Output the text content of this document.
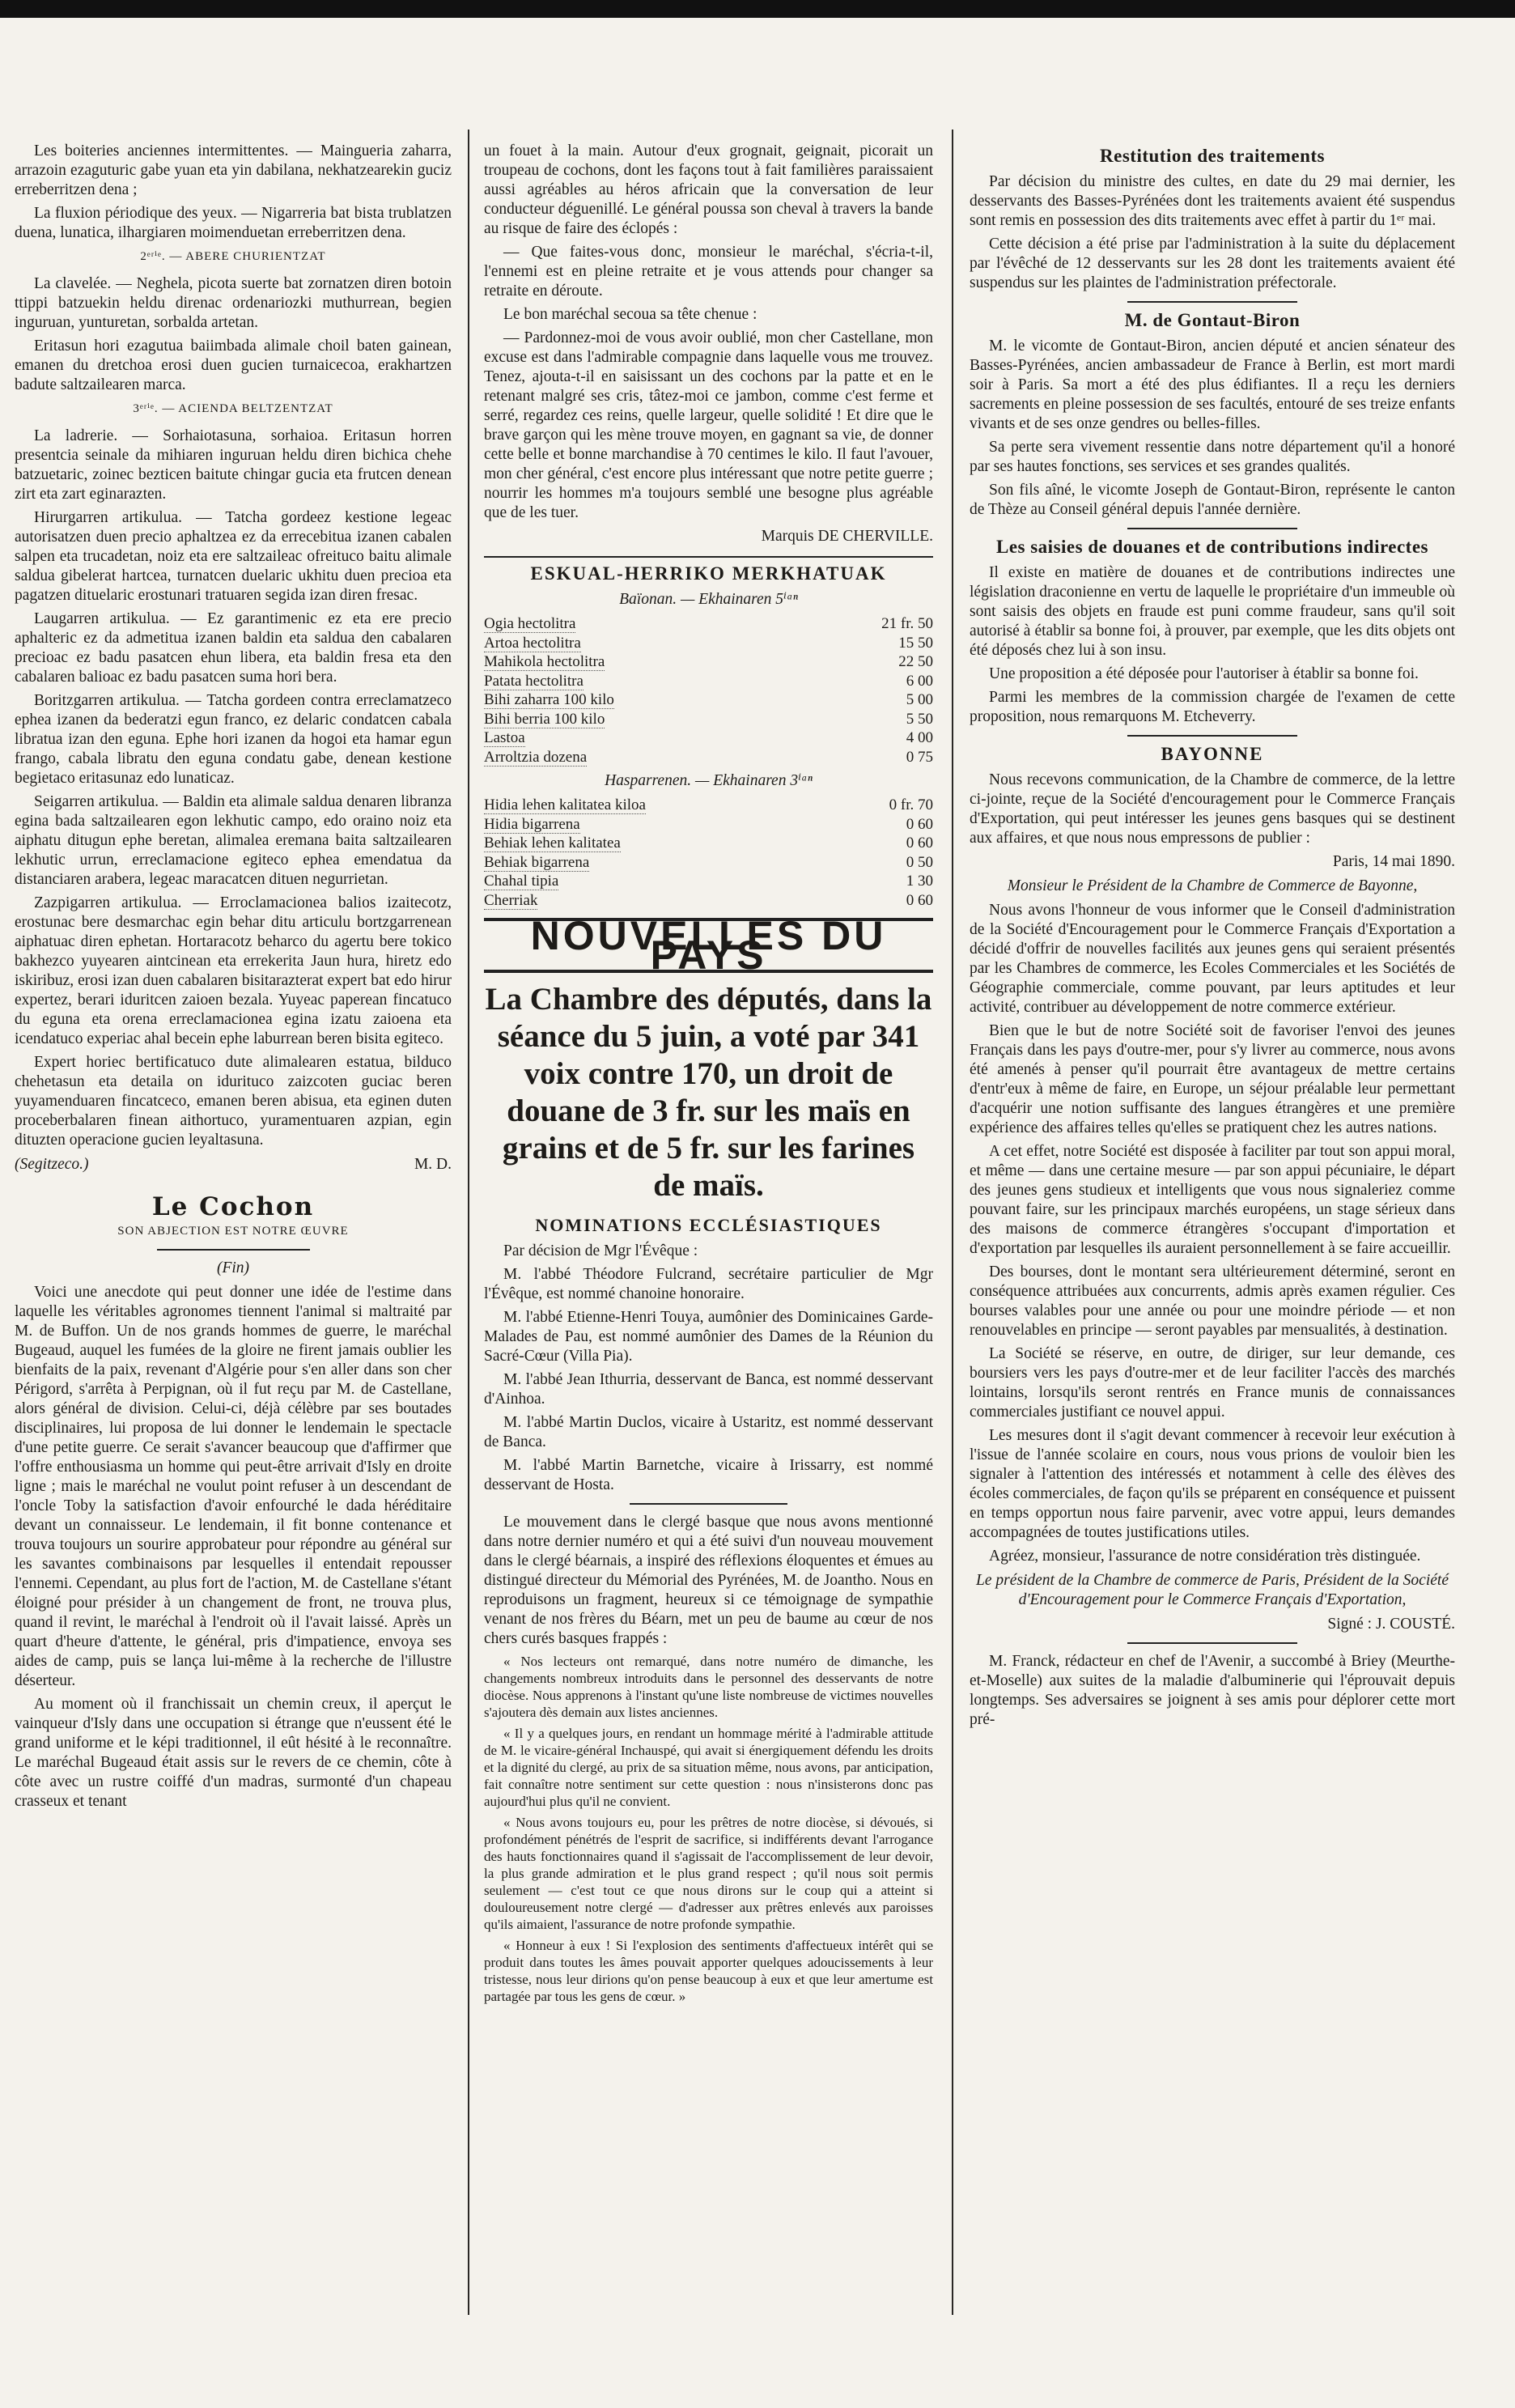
Les boiteries anciennes intermittentes. — Maingueria zaharra, arrazoin ezaguturic gabe yuan eta yin dabilana, nekhatzearekin guciz erreberritzen dena ;

La fluxion périodique des yeux. — Nigarreria bat bista trublatzen duena, lunatica, ilhargiaren moimenduetan erreberritzen dena.

2ᵉʳⁱᵉ. — ABERE CHURIENTZAT

La clavelée. — Neghela, picota suerte bat zornatzen diren botoin ttippi batzuekin heldu direnac ordenariozki muthurrean, begien inguruan, yunturetan, sorbalda artetan.

Eritasun hori ezagutua baiimbada alimale choil baten gainean, emanen du dretchoa erosi duen gucien turnaicecoa, erakhartzen badute saltzailearen marca.

3ᵉʳⁱᵉ. — ACIENDA BELTZENTZAT

La ladrerie. — Sorhaiotasuna, sorhaioa. Eritasun horren presentcia seinale da mihiaren inguruan heldu diren bichica chehe batzuetaric, zoinec bezticen baitute chingar gucia eta frutcen denean zirt eta zart eginarazten.

Hirurgarren artikulua. — Tatcha gordeez kestione legeac autorisatzen duen precio aphaltzea ez da errecebitua izanen cabalen salpen eta trucadetan, noiz eta ere saltzaileac ofreituco baitu alimale saldua gibelerat hartcea, turnatcen duelaric ukhitu duen precioa eta pagatzen dituelaric erostunari tratuaren segida izan diren fresac.

Laugarren artikulua. — Ez garantimenic ez eta ere precio aphalteric ez da admetitua izanen baldin eta saldua den cabalaren precioac ez badu pasatcen ehun libera, eta baldin fresa eta den cabalaren balioac ez badu pasatcen suma hori bera.

Boritzgarren artikulua. — Tatcha gordeen contra erreclamatzeco ephea izanen da bederatzi egun franco, ez delaric condatcen cabala libratua izan den eguna. Ephe hori izanen da hogoi eta hamar egun frango, cabala libratu den eguna condatu gabe, denean kestione begietaco eritasunaz edo lunaticaz.

Seigarren artikulua. — Baldin eta alimale saldua denaren libranza egina bada saltzailearen egon lekhutic campo, edo oraino noiz eta aiphatu ditugun ephe beretan, alimalea eremana baita saltzailearen lekhutic urrun, erreclamacione egiteco ephea emendatua da distanciaren arabera, legeac maracatcen dituen negurrietan.

Zazpigarren artikulua. — Erroclamacionea balios izaitecotz, erostunac bere desmarchac egin behar ditu articulu bortzgarrenean aiphatuac diren ephetan. Hortaracotz beharco du agertu bere tokico bakhezco yuyearen aintcinean eta errekerita Jaun hura, hiretz edo iskiribuz, erosi izan duen cabalaren bisitarazterat expert bat edo hirur expertez, berari iduritcen zaioen bezala. Yuyeac paperean fincatuco du eguna eta orena erreclamacionea egina izatu zaioena eta icendatuco experiac ahal becein ephe laburrean beren bisita egiteco.

Expert horiec bertificatuco dute alimalearen estatua, bilduco chehetasun eta detaila on iduritucо zaizcoten guciac beren yuyamenduaren fincatceco, emanen beren abisua, eta eginen duten proceberbalaren finean aithortuco, yuramentuaren azpian, egin dituzten operacione gucien leyaltasuna.

(Segitzeco.)	M. D.
Le Cochon
SON ABJECTION EST NOTRE ŒUVRE
(Fin)

Voici une anecdote qui peut donner une idée de l'estime dans laquelle les véritables agronomes tiennent l'animal si maltraité par M. de Buffon. Un de nos grands hommes de guerre, le maréchal Bugeaud, auquel les fumées de la gloire ne firent jamais oublier les bienfaits de la paix, revenant d'Algérie pour s'en aller dans son cher Périgord, s'arrêta à Perpignan, où il fut reçu par M. de Castellane, alors général de division. Celui-ci, déjà célèbre par ses boutades disciplinaires, lui proposa de lui donner le lendemain le spectacle d'une petite guerre. Ce serait s'avancer beaucoup que d'affirmer que l'offre enthousiasma un homme qui peut-être arrivait d'Isly en droite ligne ; mais le maréchal ne voulut point refuser à un descendant de l'oncle Toby la satisfaction d'avoir enfourché le dada héréditaire devant un connaisseur. Le lendemain, il fit bonne contenance et trouva toujours un sourire approbateur pour répondre au général sur les savantes combinaisons par lesquelles il entendait repousser l'ennemi. Cependant, au plus fort de l'action, M. de Castellane s'étant éloigné pour présider à un changement de front, ne trouva plus, quand il revint, le maréchal à l'endroit où il l'avait laissé. Après un quart d'heure d'attente, le général, pris d'impatience, envoya ses aides de camp, puis se lança lui-même à la recherche de l'illustre déserteur.

Au moment où il franchissait un chemin creux, il aperçut le vainqueur d'Isly dans une occupation si étrange que n'eussent été le grand uniforme et le képi traditionnel, il eût hésité à le reconnaître. Le maréchal Bugeaud était assis sur le revers de ce chemin, côte à côte avec un rustre coiffé d'un madras, surmonté d'un chapeau crasseux et tenant

un fouet à la main. Autour d'eux grognait, geignait, picorait un troupeau de cochons, dont les façons tout à fait familières paraissaient aussi agréables au héros africain que la conversation de leur conducteur déguenillé. Le général poussa son cheval à travers la bande au risque de faire des éclopés :

— Que faites-vous donc, monsieur le maréchal, s'écria-t-il, l'ennemi est en pleine retraite et je vous attends pour changer sa retraite en déroute.

Le bon maréchal secoua sa tête chenue :

— Pardonnez-moi de vous avoir oublié, mon cher Castellane, mon excuse est dans l'admirable compagnie dans laquelle vous me trouvez. Tenez, ajouta-t-il en saisissant un des cochons par la patte et en le retenant malgré ses cris, tâtez-moi ce jambon, comme c'est ferme et serré, regardez ces reins, quelle largeur, quelle solidité ! Et dire que le brave garçon qui les mène trouve moyen, en gagnant sa vie, de donner cette belle et bonne marchandise à 70 centimes le kilo. Il faut l'avouer, mon cher général, c'est encore plus intéressant que notre petite guerre ; nourrir les hommes m'a toujours semblé une besogne plus agréable que de les tuer.

Marquis DE CHERVILLE.
ESKUAL-HERRIKO MERKHATUAK
Baïonan. — Ekhainaren 5ⁱᵃⁿ
Ogia hectolitra	21 fr. 50
Artoa hectolitra	15 50
Mahikola hectolitra	22 50
Patata hectolitra	6 00
Bihi zaharra 100 kilo	5 00
Bihi berria 100 kilo	5 50
Lastoa	4 00
Arroltzia dozena	0 75
Hasparrenen. — Ekhainaren 3ⁱᵃⁿ
Hidia lehen kalitatea kiloa	0 fr. 70
Hidia bigarrena	0 60
Behiak lehen kalitatea	0 60
Behiak bigarrena	0 50
Chahal tipia	1 30
Cherriak	0 60
NOUVELLES DU PAYS
La Chambre des députés, dans la séance du 5 juin, a voté par 341 voix contre 170, un droit de douane de 3 fr. sur les maïs en grains et de 5 fr. sur les farines de maïs.
NOMINATIONS ECCLÉSIASTIQUES

Par décision de Mgr l'Évêque :

M. l'abbé Théodore Fulcrand, secrétaire particulier de Mgr l'Évêque, est nommé chanoine honoraire.

M. l'abbé Etienne-Henri Touya, aumônier des Dominicaines Garde-Malades de Pau, est nommé aumônier des Dames de la Réunion du Sacré-Cœur (Villa Pia).

M. l'abbé Jean Ithurria, desservant de Banca, est nommé desservant d'Ainhoa.

M. l'abbé Martin Duclos, vicaire à Ustaritz, est nommé desservant de Banca.

M. l'abbé Martin Barnetche, vicaire à Irissarry, est nommé desservant de Hosta.

Le mouvement dans le clergé basque que nous avons mentionné dans notre dernier numéro et qui a été suivi d'un nouveau mouvement dans le clergé béarnais, a inspiré des réflexions éloquentes et émues au distingué directeur du Mémorial des Pyrénées, M. de Joantho. Nous en reproduisons un fragment, heureux si ce témoignage de sympathie venant de nos frères du Béarn, met un peu de baume au cœur de nos chers curés basques frappés :

« Nos lecteurs ont remarqué, dans notre numéro de dimanche, les changements nombreux introduits dans le personnel des desservants de notre diocèse. Nous apprenons à l'instant qu'une liste nombreuse de victimes nouvelles s'ajoutera dès demain aux listes anciennes.

« Il y a quelques jours, en rendant un hommage mérité à l'admirable attitude de M. le vicaire-général Inchauspé, qui avait si énergiquement défendu les droits et la dignité du clergé, au prix de sa situation même, nous avons, par anticipation, fait connaître notre sentiment sur cette question : nous n'insisterons donc pas aujourd'hui plus qu'il ne convient.

« Nous avons toujours eu, pour les prêtres de notre diocèse, si dévoués, si profondément pénétrés de l'esprit de sacrifice, si indifférents devant l'arrogance des hauts fonctionnaires quand il s'agissait de l'accomplissement de leur devoir, la plus grande admiration et le plus grand respect ; qu'il nous soit permis seulement — c'est tout ce que nous dirons sur le coup qui a atteint si douloureusement notre clergé — d'adresser aux prêtres enlevés aux paroisses qu'ils aimaient, l'assurance de notre profonde sympathie.

« Honneur à eux ! Si l'explosion des sentiments d'affectueux intérêt qui se produit dans toutes les âmes pouvait apporter quelques adoucissements à leur tristesse, nous leur dirions qu'on pense beaucoup à eux et que leur amertume est partagée par tous les gens de cœur. »

Restitution des traitements

Par décision du ministre des cultes, en date du 29 mai dernier, les desservants des Basses-Pyrénées dont les traitements avaient été suspendus sont remis en possession des dits traitements avec effet à partir du 1ᵉʳ mai.

Cette décision a été prise par l'administration à la suite du déplacement par l'évêché de 12 desservants sur les 28 dont les traitements avaient été suspendus sur les plaintes de l'administration préfectorale.

M. de Gontaut-Biron

M. le vicomte de Gontaut-Biron, ancien député et ancien sénateur des Basses-Pyrénées, ancien ambassadeur de France à Berlin, est mort mardi soir à Paris. Sa mort a été des plus édifiantes. Il a reçu les derniers sacrements en pleine possession de ses facultés, entouré de ses treize enfants vivants et de ses onze gendres ou belles-filles.

Sa perte sera vivement ressentie dans notre département qu'il a honoré par ses hautes fonctions, ses services et ses grandes qualités.

Son fils aîné, le vicomte Joseph de Gontaut-Biron, représente le canton de Thèze au Conseil général depuis l'année dernière.

Les saisies de douanes et de contributions indirectes

Il existe en matière de douanes et de contributions indirectes une législation draconienne en vertu de laquelle le propriétaire d'un immeuble où sont saisis des objets en fraude est puni comme fraudeur, sans qu'il soit autorisé à établir sa bonne foi, à prouver, par exemple, que les dits objets ont été déposés chez lui à son insu.

Une proposition a été déposée pour l'autoriser à établir sa bonne foi.

Parmi les membres de la commission chargée de l'examen de cette proposition, nous remarquons M. Etcheverry.

BAYONNE

Nous recevons communication, de la Chambre de commerce, de la lettre ci-jointe, reçue de la Société d'encouragement pour le Commerce Français d'Exportation, qui peut intéresser les jeunes gens basques qui se destinent aux affaires, et que nous nous empressons de publier :

Paris, 14 mai 1890.
Monsieur le Président de la Chambre de Commerce de Bayonne,

Nous avons l'honneur de vous informer que le Conseil d'administration de la Société d'Encouragement pour le Commerce Français d'Exportation a décidé d'offrir de nouvelles facilités aux jeunes gens qui seraient présentés par les Chambres de commerce, les Ecoles Commerciales et les Sociétés de Géographie commerciale, comme pouvant, par leurs aptitudes et leur activité, contribuer au développement de notre commerce extérieur.

Bien que le but de notre Société soit de favoriser l'envoi des jeunes Français dans les pays d'outre-mer, pour s'y livrer au commerce, nous avons été amenés à penser qu'il pourrait être avantageux de mettre certains d'entr'eux à même de faire, en Europe, un séjour préalable leur permettant d'acquérir une notion suffisante des langues étrangères et une première expérience des affaires telles qu'elles se pratiquent chez les autres nations.

A cet effet, notre Société est disposée à faciliter par tout son appui moral, et même — dans une certaine mesure — par son appui pécuniaire, le départ des jeunes gens studieux et intelligents que vous nous signaleriez comme pouvant faire, sur les principaux marchés européens, un stage sérieux dans des maisons de commerce étrangères s'occupant d'importation et d'exportation par lesquelles ils auraient personnellement à se faire accueillir.

Des bourses, dont le montant sera ultérieurement déterminé, seront en conséquence attribuées aux concurrents, admis après examen régulier. Ces bourses valables pour une année ou pour une moindre période — et non renouvelables en principe — seront payables par mensualités, à destination.

La Société se réserve, en outre, de diriger, sur leur demande, ces boursiers vers les pays d'outre-mer et de leur faciliter l'accès des marchés lointains, lorsqu'ils seront rentrés en France munis de connaissances commerciales justifiant ce nouvel appui.

Les mesures dont il s'agit devant commencer à recevoir leur exécution à l'issue de l'année scolaire en cours, nous vous prions de vouloir bien les signaler à l'attention des intéressés et notamment à celle des élèves des écoles commerciales, de façon qu'ils se préparent en conséquence et puissent en temps opportun nous faire parvenir, avec votre appui, leurs demandes accompagnées de toutes justifications utiles.

Agréez, monsieur, l'assurance de notre considération très distinguée.

Le président de la Chambre de commerce de Paris, Président de la Société d'Encouragement pour le Commerce Français d'Exportation,
Signé : J. COUSTÉ.

M. Franck, rédacteur en chef de l'Avenir, a succombé à Briey (Meurthe-et-Moselle) aux suites de la maladie d'albuminerie qui l'éprouvait depuis longtemps. Ses adversaires se joignent à ses amis pour déplorer cette mort pré-
